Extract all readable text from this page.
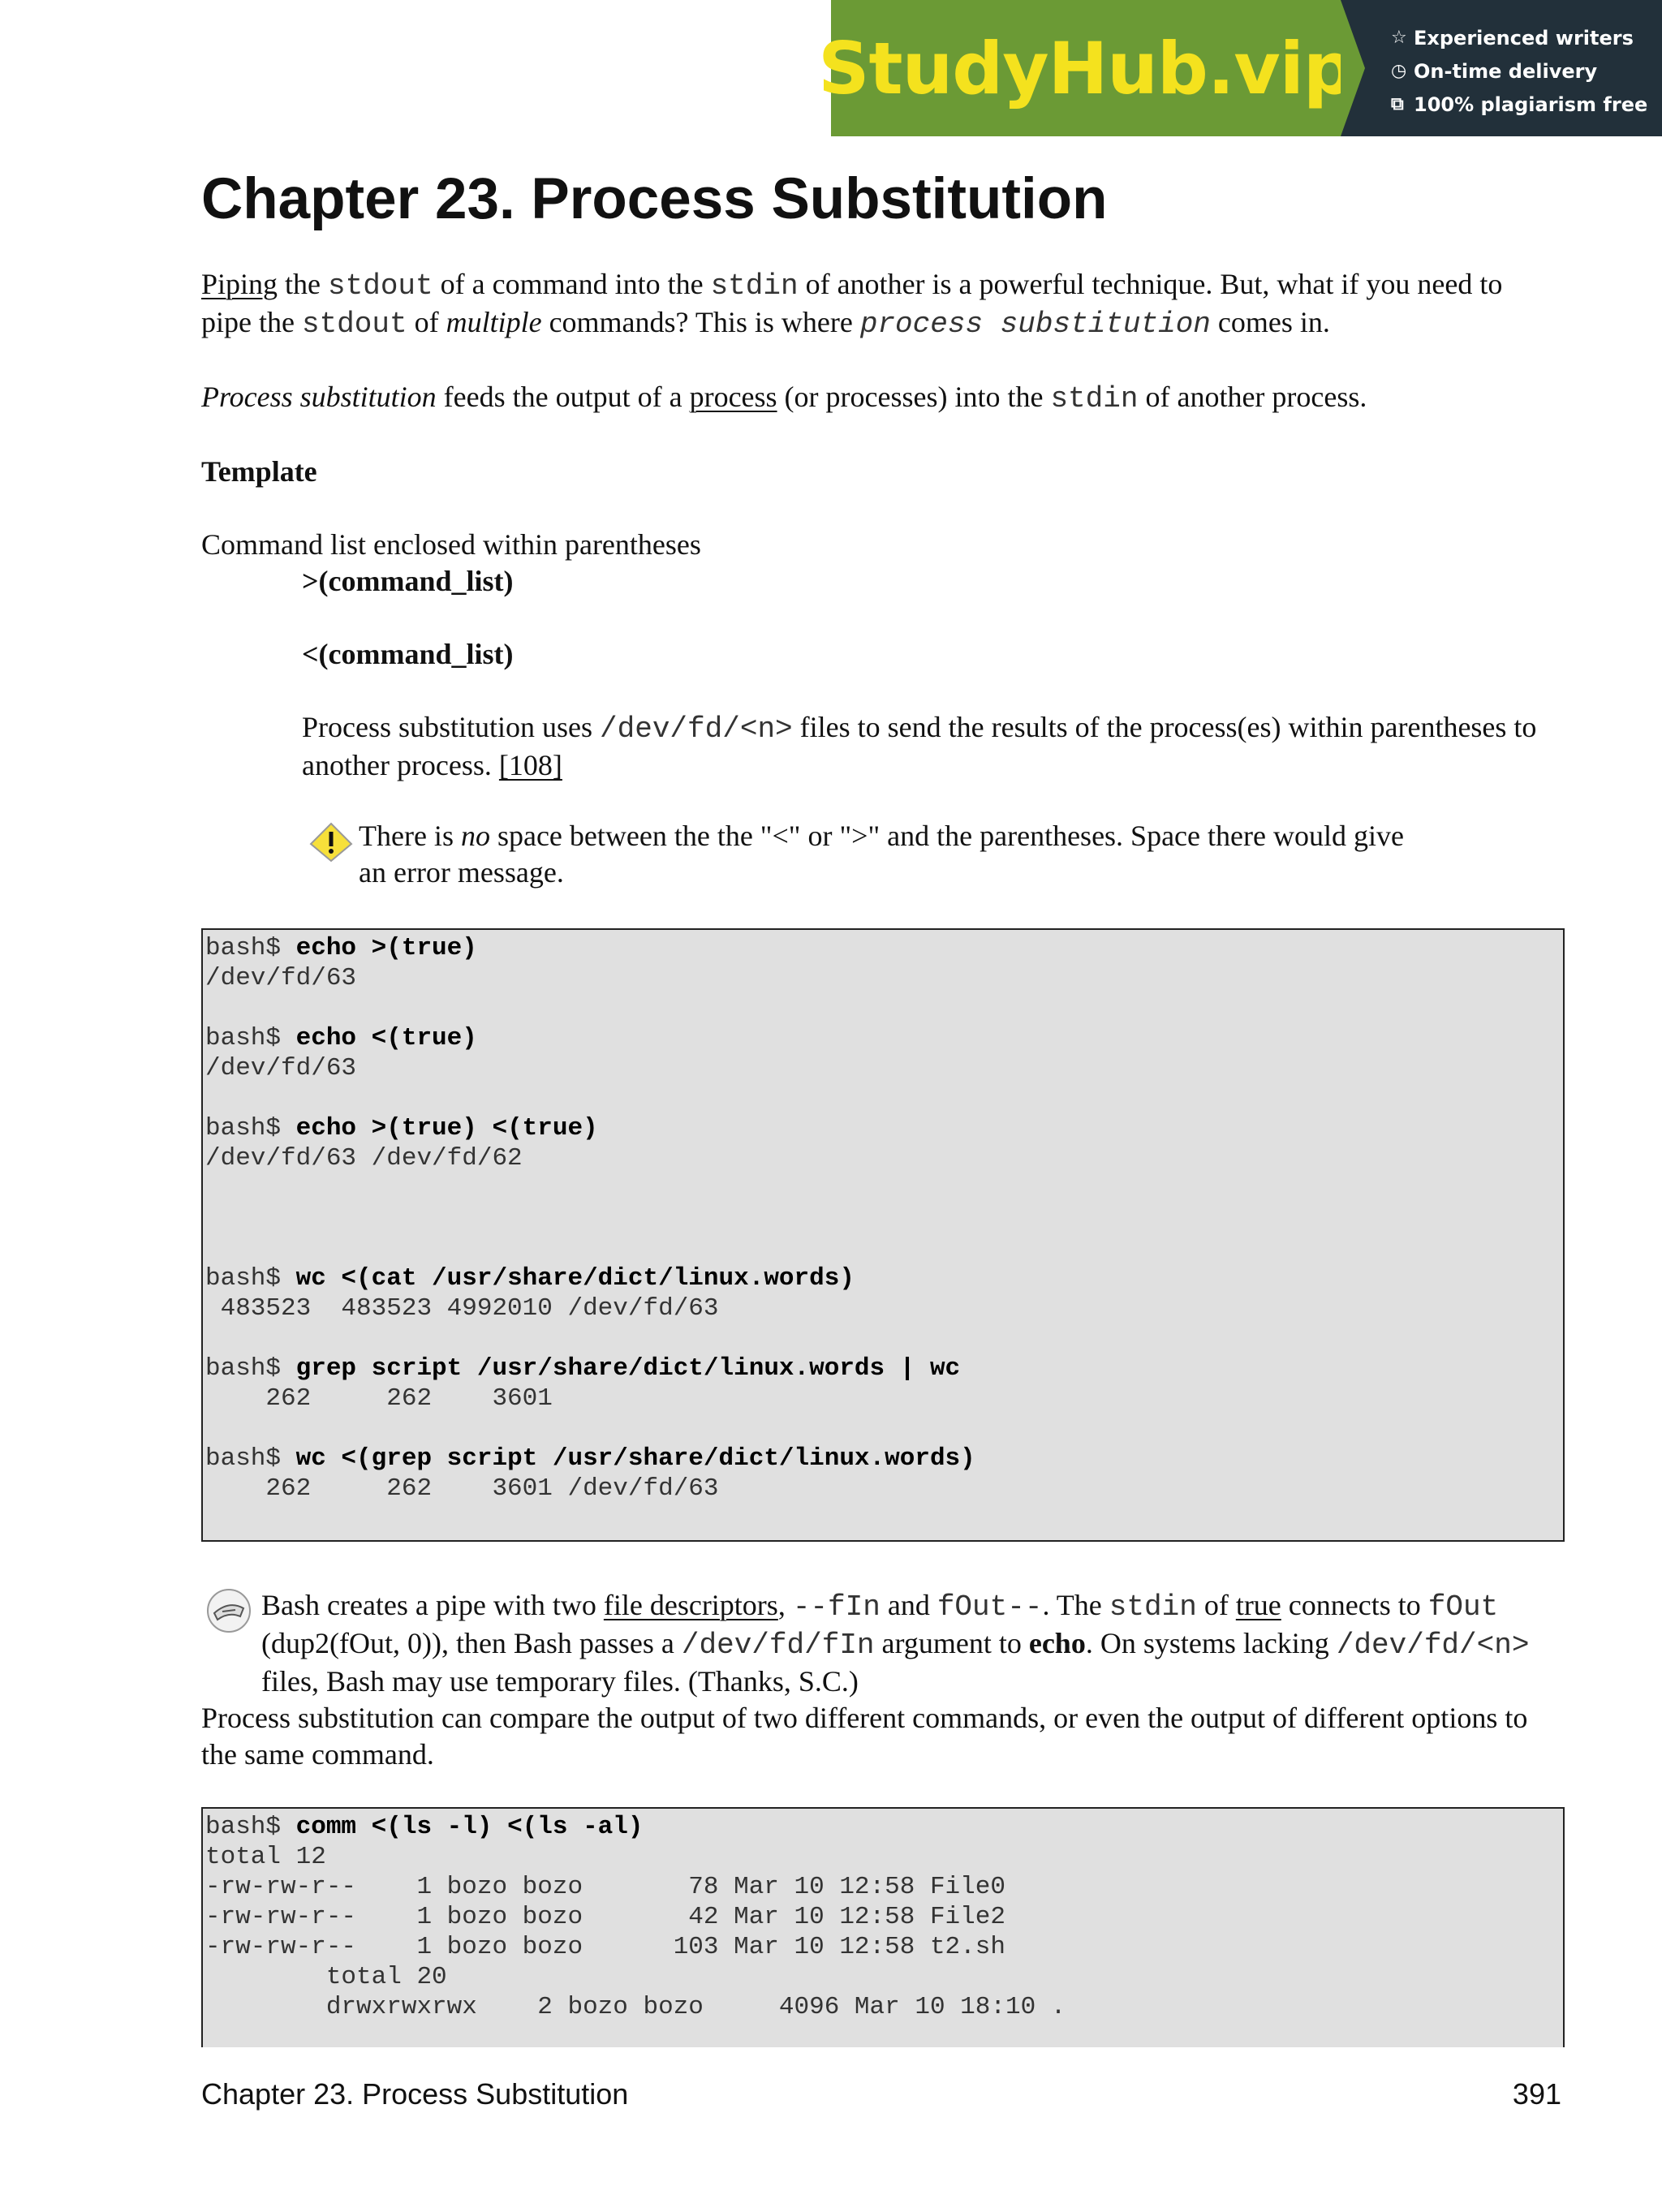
StudyHub.vip ☆ Experienced writers
◷ On-time delivery
⧉ 100% plagiarism free
Chapter 23. Process Substitution

Piping the stdout of a command into the stdin of another is a powerful technique. But, what if you need to pipe the stdout of multiple commands? This is where process substitution comes in.

Process substitution feeds the output of a process (or processes) into the stdin of another process.

Template

Command list enclosed within parentheses

>(command_list)

<(command_list)

Process substitution uses /dev/fd/<n> files to send the results of the process(es) within parentheses to another process. [108]

There is no space between the the "<" or ">" and the parentheses. Space there would give an error message.

bash$ echo >(true)
/dev/fd/63

bash$ echo <(true)
/dev/fd/63

bash$ echo >(true) <(true)
/dev/fd/63 /dev/fd/62

bash$ wc <(cat /usr/share/dict/linux.words)
483523  483523 4992010 /dev/fd/63

bash$ grep script /usr/share/dict/linux.words | wc
262     262    3601

bash$ wc <(grep script /usr/share/dict/linux.words)
262     262    3601 /dev/fd/63

Bash creates a pipe with two file descriptors, --fIn and fOut--. The stdin of true connects to fOut (dup2(fOut, 0)), then Bash passes a /dev/fd/fIn argument to echo. On systems lacking /dev/fd/<n> files, Bash may use temporary files. (Thanks, S.C.)

Process substitution can compare the output of two different commands, or even the output of different options to the same command.

bash$ comm <(ls -l) <(ls -al)
total 12
-rw-rw-r--    1 bozo bozo       78 Mar 10 12:58 File0
-rw-rw-r--    1 bozo bozo       42 Mar 10 12:58 File2
-rw-rw-r--    1 bozo bozo      103 Mar 10 12:58 t2.sh
total 20
drwxrwxrwx    2 bozo bozo     4096 Mar 10 18:10 .

Chapter 23. Process Substitution	391
